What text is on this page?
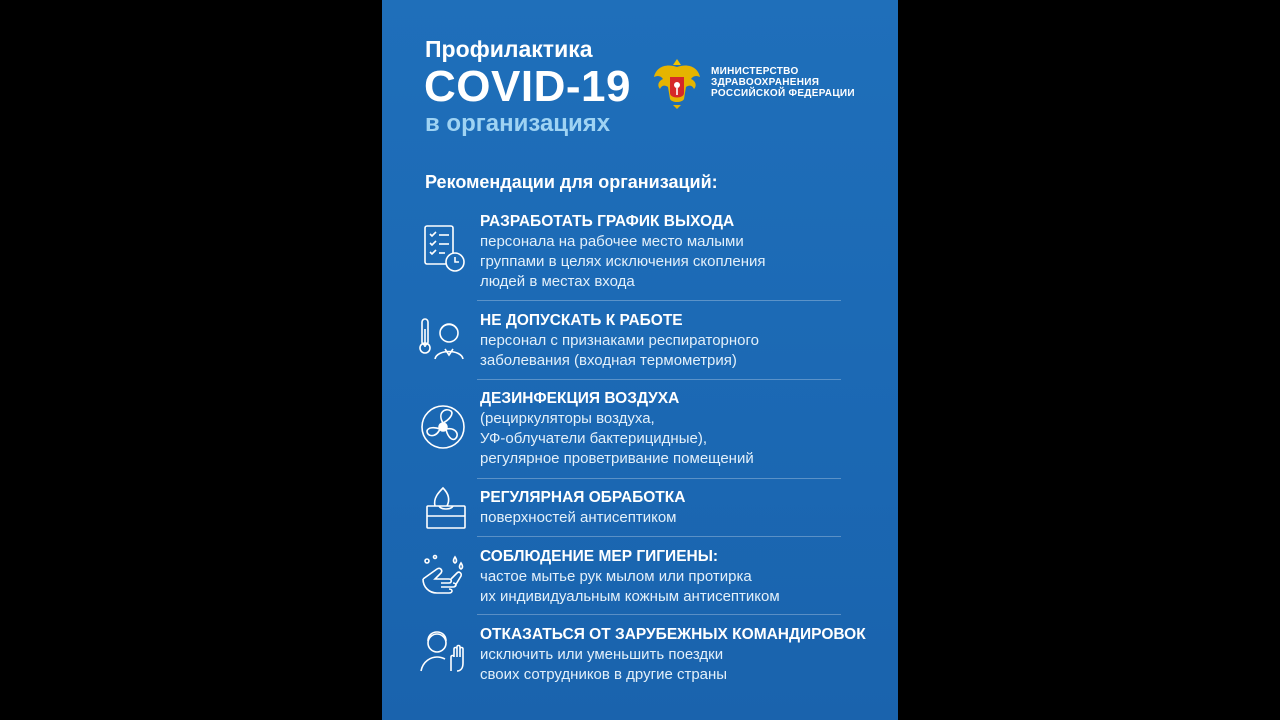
Профилактика
COVID-19
в организациях
МИНИСТЕРСТВО
ЗДРАВООХРАНЕНИЯ
РОССИЙСКОЙ ФЕДЕРАЦИИ
Рекомендации для организаций:
РАЗРАБОТАТЬ ГРАФИК ВЫХОДА
персонала на рабочее место малыми
группами в целях исключения скопления
людей в местах входа
НЕ ДОПУСКАТЬ К РАБОТЕ
персонал с признаками респираторного
заболевания (входная термометрия)
ДЕЗИНФЕКЦИЯ ВОЗДУХА
(рециркуляторы воздуха,
УФ-облучатели бактерицидные),
регулярное проветривание помещений
РЕГУЛЯРНАЯ ОБРАБОТКА
поверхностей антисептиком
СОБЛЮДЕНИЕ МЕР ГИГИЕНЫ:
частое мытье рук мылом или протирка
их индивидуальным кожным антисептиком
ОТКАЗАТЬСЯ ОТ ЗАРУБЕЖНЫХ КОМАНДИРОВОК
исключить или уменьшить поездки
своих сотрудников в другие страны
